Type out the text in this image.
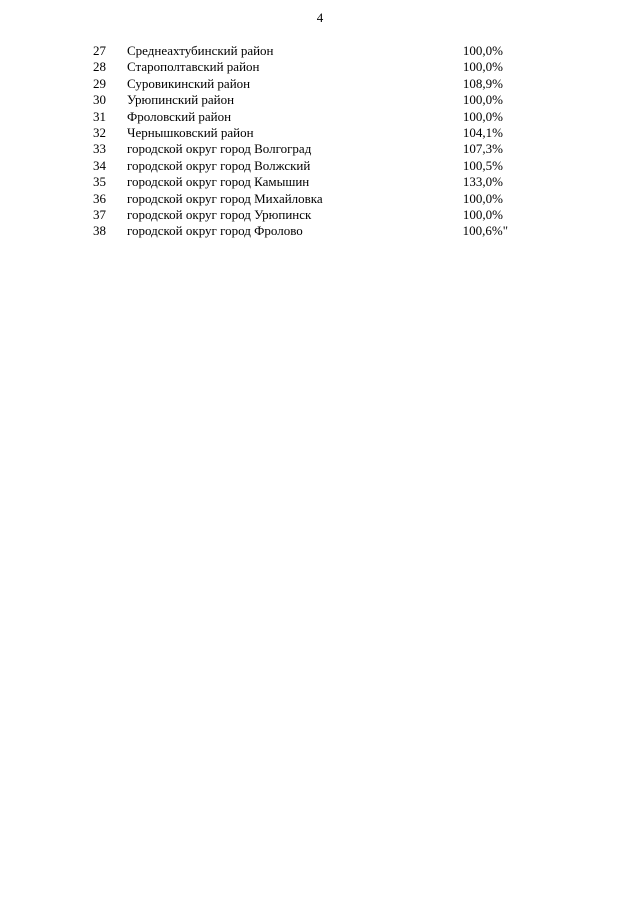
4
27 Среднеахтубинский район	100,0%
28 Старополтавский район	100,0%
29 Суровикинский район	108,9%
30 Урюпинский район	100,0%
31 Фроловский район	100,0%
32 Чернышковский район	104,1%
33 городской округ город Волгоград	107,3%
34 городской округ город Волжский	100,5%
35 городской округ город Камышин	133,0%
36 городской округ город Михайловка	100,0%
37 городской округ город Урюпинск	100,0%
38 городской округ город Фролово	100,6%"
